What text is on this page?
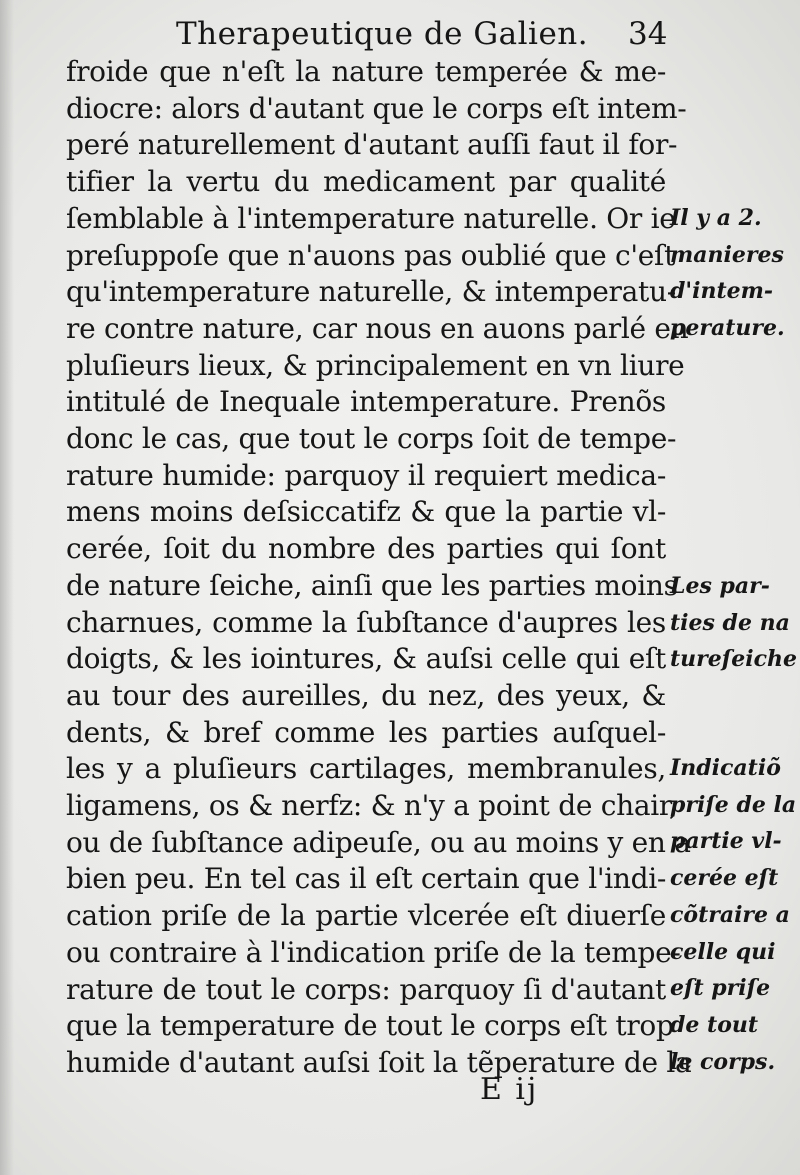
Therapeutique de Galien.	34
froide que n'eſt la nature temperée & me-
diocre: alors d'autant que le corps eſt intem-
peré naturellement d'autant auſſi faut il for-
tifier la vertu du medicament par qualité
ſemblable à l'intemperature naturelle. Or ie
preſuppoſe que n'auons pas oublié que c'eſt
qu'intemperature naturelle, & intemperatu-
re contre nature, car nous en auons parlé en
pluſieurs lieux, & principalement en vn liure
intitulé de Inequale intemperature. Prenõs
donc le cas, que tout le corps ſoit de tempe-
rature humide: parquoy il requiert medica-
mens moins deſsiccatifz & que la partie vl-
cerée, ſoit du nombre des parties qui ſont
de nature ſeiche, ainſi que les parties moins
charnues, comme la ſubſtance d'aupres les
doigts, & les iointures, & auſsi celle qui eſt
au tour des aureilles, du nez, des yeux, &
dents, & bref comme les parties auſquel-
les y a pluſieurs cartilages, membranules,
ligamens, os & nerfz: & n'y a point de chair,
ou de ſubſtance adipeuſe, ou au moins y en a
bien peu. En tel cas il eſt certain que l'indi-
cation priſe de la partie vlcerée eſt diuerſe
ou contraire à l'indication priſe de la tempe-
rature de tout le corps: parquoy ſi d'autant
que la temperature de tout le corps eſt trop
humide d'autant auſsi ſoit la tẽperature de la
Il y a 2.
manieres
d'intem-
perature.
Les par-
ties de na
tureſeiche
Indicatiõ
priſe de la
partie vl-
cerée eſt
cõtraire a
celle qui
eſt priſe
de tout
le corps.
E ij
